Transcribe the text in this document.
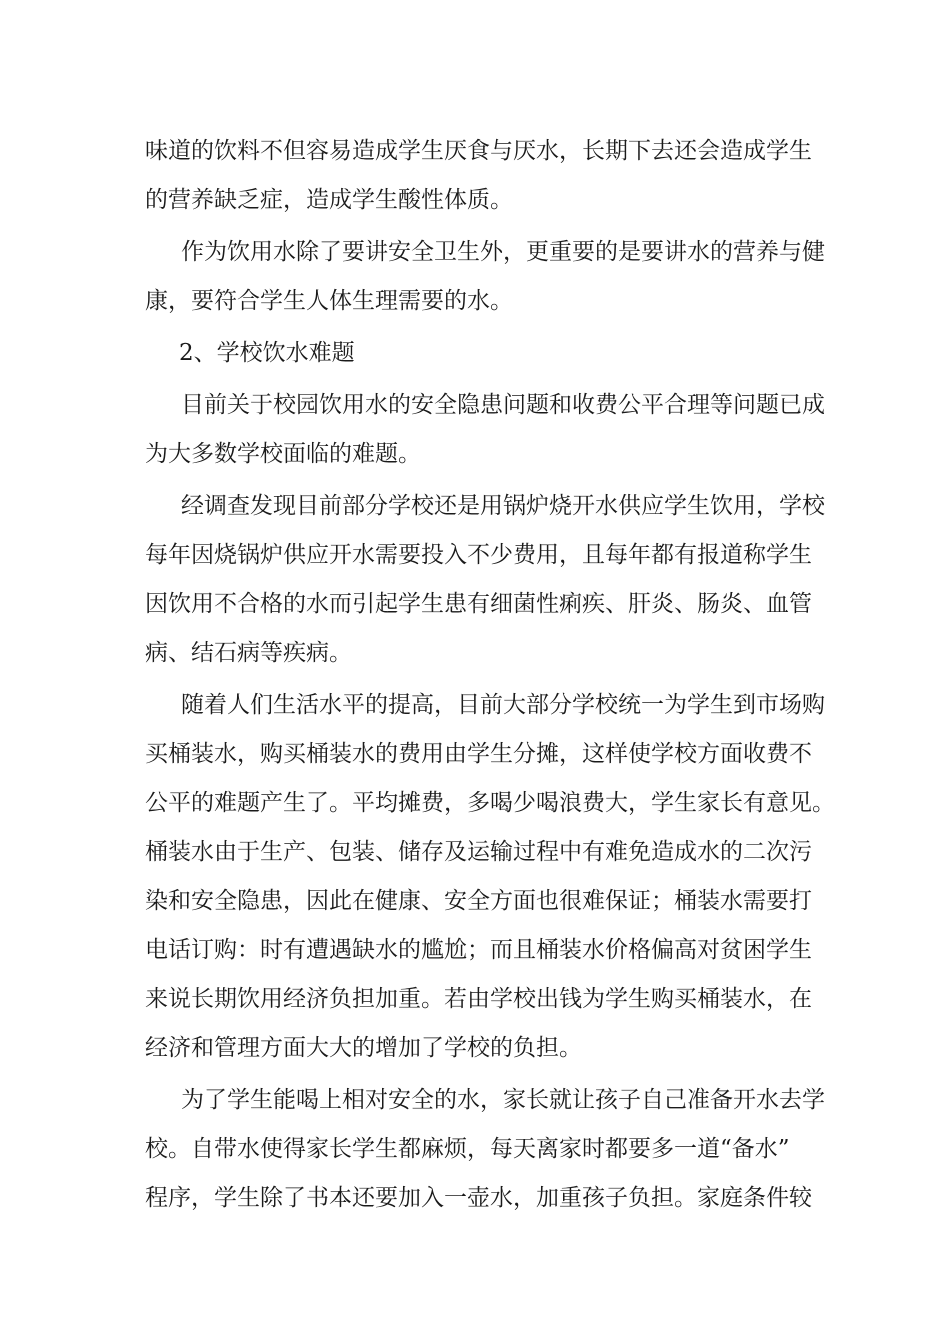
味道的饮料不但容易造成学生厌食与厌水，长期下去还会造成学生
的营养缺乏症，造成学生酸性体质。
作为饮用水除了要讲安全卫生外，更重要的是要讲水的营养与健
康，要符合学生人体生理需要的水。
2、学校饮水难题
目前关于校园饮用水的安全隐患问题和收费公平合理等问题已成
为大多数学校面临的难题。
经调查发现目前部分学校还是用锅炉烧开水供应学生饮用，学校
每年因烧锅炉供应开水需要投入不少费用，且每年都有报道称学生
因饮用不合格的水而引起学生患有细菌性痢疾、肝炎、肠炎、血管
病、结石病等疾病。
随着人们生活水平的提高，目前大部分学校统一为学生到市场购
买桶装水，购买桶装水的费用由学生分摊，这样使学校方面收费不
公平的难题产生了。平均摊费，多喝少喝浪费大，学生家长有意见。
桶装水由于生产、包装、储存及运输过程中有难免造成水的二次污
染和安全隐患，因此在健康、安全方面也很难保证；桶装水需要打
电话订购：时有遭遇缺水的尴尬；而且桶装水价格偏高对贫困学生
来说长期饮用经济负担加重。若由学校出钱为学生购买桶装水，在
经济和管理方面大大的增加了学校的负担。
为了学生能喝上相对安全的水，家长就让孩子自己准备开水去学
校。自带水使得家长学生都麻烦，每天离家时都要多一道“备水”
程序，学生除了书本还要加入一壶水，加重孩子负担。家庭条件较
